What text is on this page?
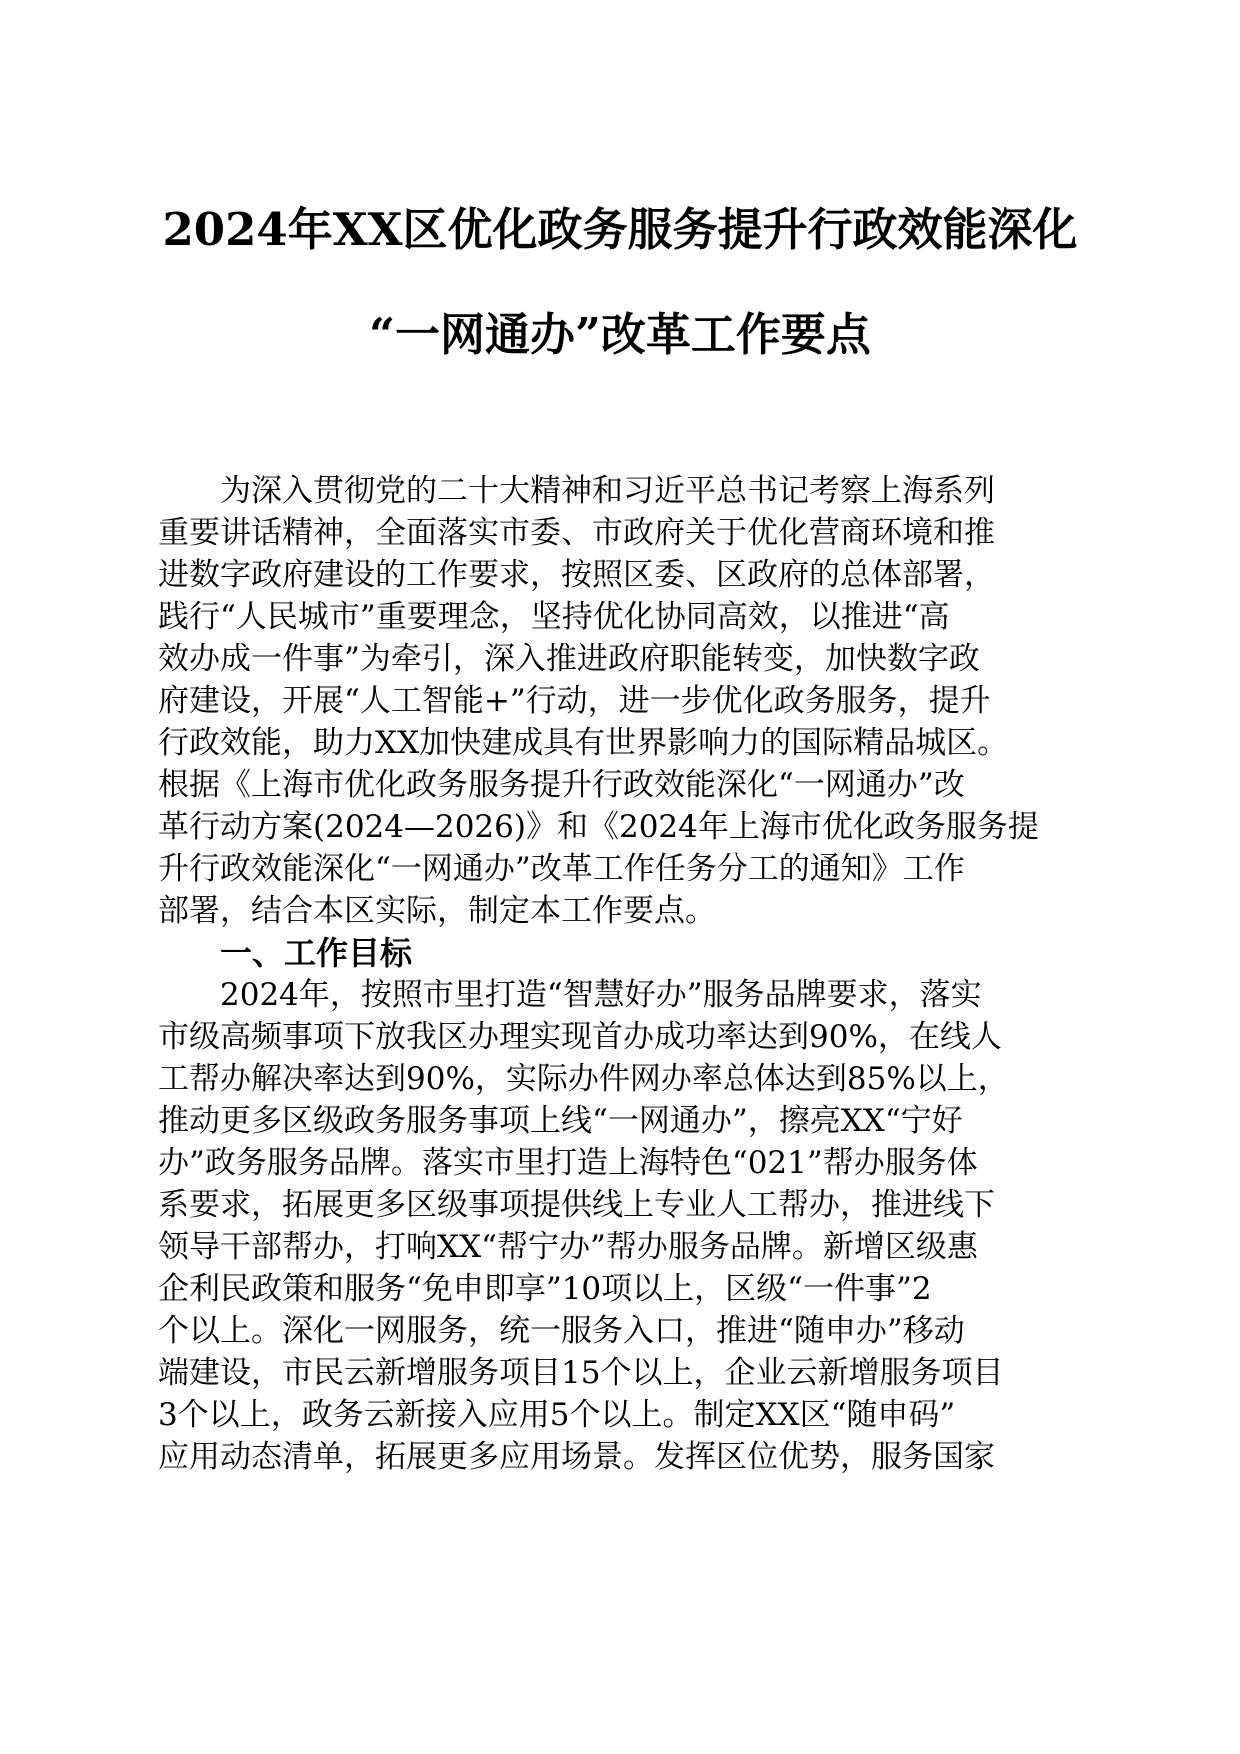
2024年XX区优化政务服务提升行政效能深化
“一网通办”改革工作要点
为深入贯彻党的二十大精神和习近平总书记考察上海系列
重要讲话精神，全面落实市委、市政府关于优化营商环境和推
进数字政府建设的工作要求，按照区委、区政府的总体部署，
践行“人民城市”重要理念，坚持优化协同高效，以推进“高
效办成一件事”为牵引，深入推进政府职能转变，加快数字政
府建设，开展“人工智能+”行动，进一步优化政务服务，提升
行政效能，助力XX加快建成具有世界影响力的国际精品城区。
根据《上海市优化政务服务提升行政效能深化“一网通办”改
革行动方案(2024—2026)》和《2024年上海市优化政务服务提
升行政效能深化“一网通办”改革工作任务分工的通知》工作
部署，结合本区实际，制定本工作要点。
一、工作目标
2024年，按照市里打造“智慧好办”服务品牌要求，落实
市级高频事项下放我区办理实现首办成功率达到90%，在线人
工帮办解决率达到90%，实际办件网办率总体达到85%以上，
推动更多区级政务服务事项上线“一网通办”，擦亮XX“宁好
办”政务服务品牌。落实市里打造上海特色“021”帮办服务体
系要求，拓展更多区级事项提供线上专业人工帮办，推进线下
领导干部帮办，打响XX“帮宁办”帮办服务品牌。新增区级惠
企利民政策和服务“免申即享”10项以上，区级“一件事”2
个以上。深化一网服务，统一服务入口，推进“随申办”移动
端建设，市民云新增服务项目15个以上，企业云新增服务项目
3个以上，政务云新接入应用5个以上。制定XX区“随申码”
应用动态清单，拓展更多应用场景。发挥区位优势，服务国家
